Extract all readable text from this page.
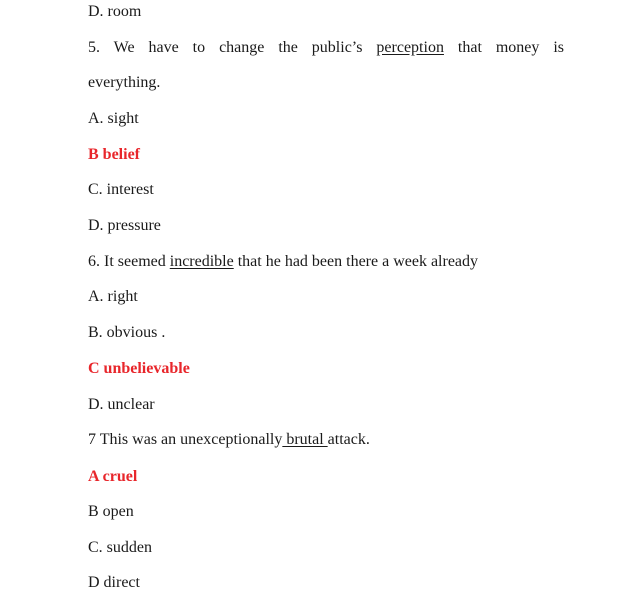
D. room
5. We have to change the public’s perception that money is
everything.
A. sight
B belief
C. interest
D. pressure
6. It seemed incredible that he had been there a week already
A. right
B. obvious .
C unbelievable
D. unclear
7 This was an unexceptionally brutal attack.
A cruel
B open
C. sudden
D direct
